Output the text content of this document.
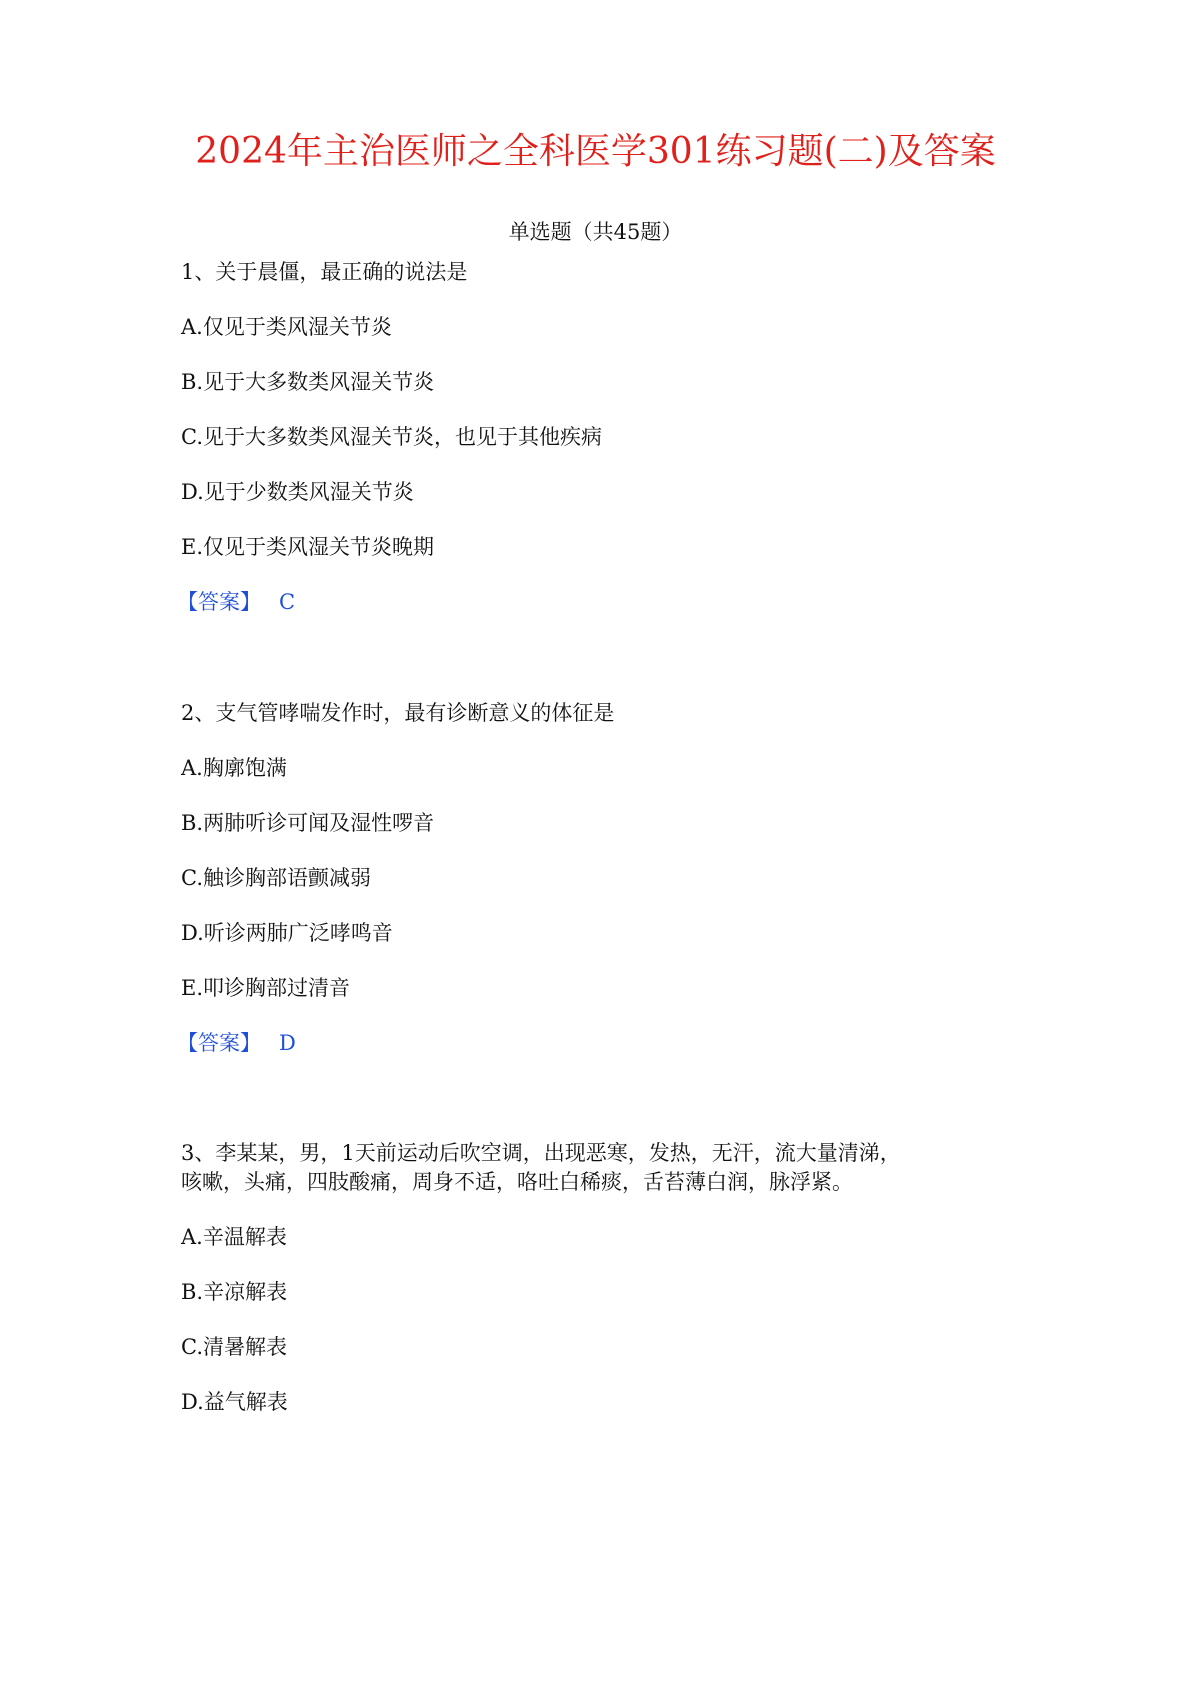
2024年主治医师之全科医学301练习题(二)及答案
单选题（共45题）
1、关于晨僵，最正确的说法是
A.仅见于类风湿关节炎
B.见于大多数类风湿关节炎
C.见于大多数类风湿关节炎，也见于其他疾病
D.见于少数类风湿关节炎
E.仅见于类风湿关节炎晚期
【答案】 C
2、支气管哮喘发作时，最有诊断意义的体征是
A.胸廓饱满
B.两肺听诊可闻及湿性啰音
C.触诊胸部语颤减弱
D.听诊两肺广泛哮鸣音
E.叩诊胸部过清音
【答案】 D
3、李某某，男，1天前运动后吹空调，出现恶寒，发热，无汗，流大量清涕，
咳嗽，头痛，四肢酸痛，周身不适，咯吐白稀痰，舌苔薄白润，脉浮紧。
A.辛温解表
B.辛凉解表
C.清暑解表
D.益气解表
